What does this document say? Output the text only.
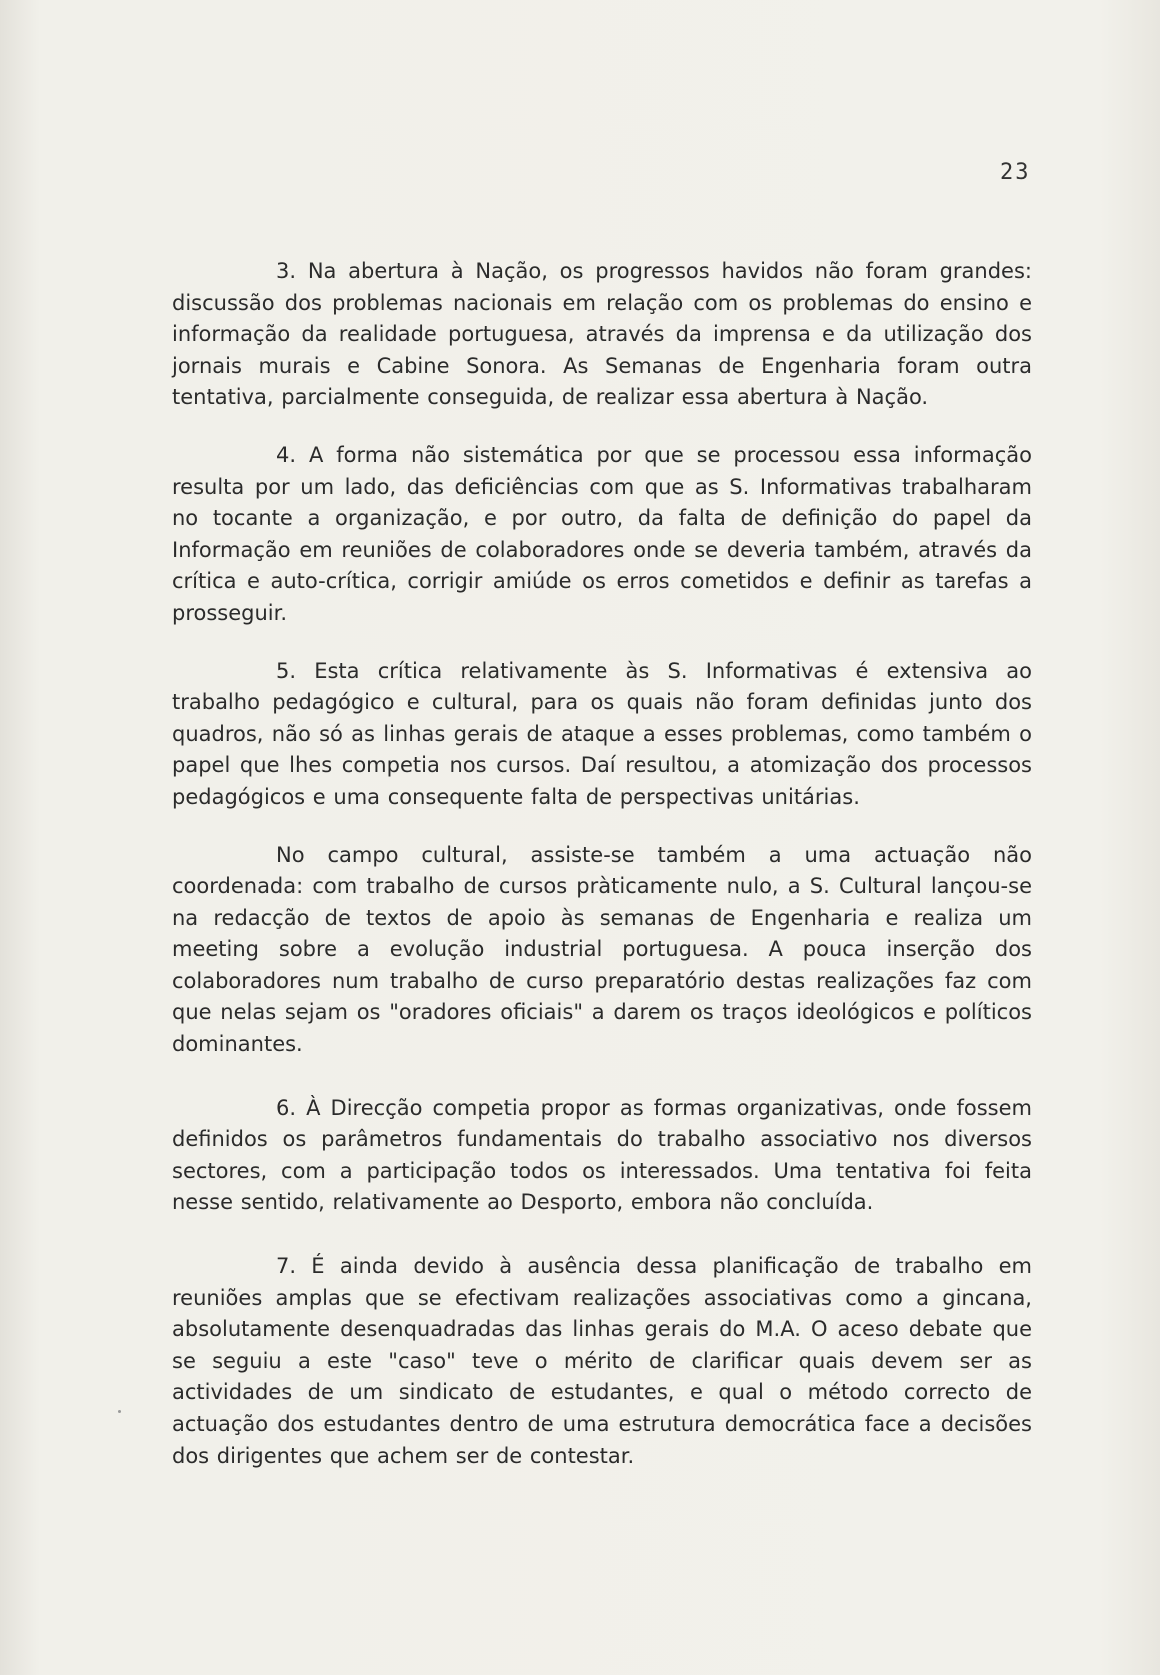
23

3. Na abertura à Nação, os progressos havidos não foram grandes: discussão dos problemas nacionais em relação com os problemas do ensino e informação da realidade portuguesa, através da imprensa e da utilização dos jornais murais e Cabine Sonora. As Semanas de Engenharia foram outra tentativa, parcialmente conseguida, de realizar essa abertura à Nação.

4. A forma não sistemática por que se processou essa informação resulta por um lado, das deficiências com que as S. Informativas trabalharam no tocante a organização, e por outro, da falta de definição do papel da Informação em reuniões de colaboradores onde se deveria também, através da crítica e auto-crítica, corrigir amiúde os erros cometidos e definir as tarefas a prosseguir.

5. Esta crítica relativamente às S. Informativas é extensiva ao trabalho pedagógico e cultural, para os quais não foram definidas junto dos quadros, não só as linhas gerais de ataque a esses problemas, como também o papel que lhes competia nos cursos. Daí resultou, a atomização dos processos pedagógicos e uma consequente falta de perspectivas unitárias.

No campo cultural, assiste-se também a uma actuação não coordenada: com trabalho de cursos pràticamente nulo, a S. Cultural lançou-se na redacção de textos de apoio às semanas de Engenharia e realiza um meeting sobre a evolução industrial portuguesa. A pouca inserção dos colaboradores num trabalho de curso preparatório destas realizações faz com que nelas sejam os "oradores oficiais" a darem os traços ideológicos e políticos dominantes.

6. À Direcção competia propor as formas organizativas, onde fossem definidos os parâmetros fundamentais do trabalho associativo nos diversos sectores, com a participação todos os interessados. Uma tentativa foi feita nesse sentido, relativamente ao Desporto, embora não concluída.

7. É ainda devido à ausência dessa planificação de trabalho em reuniões amplas que se efectivam realizações associativas como a gincana, absolutamente desenquadradas das linhas gerais do M.A. O aceso debate que se seguiu a este "caso" teve o mérito de clarificar quais devem ser as actividades de um sindicato de estudantes, e qual o método correcto de actuação dos estudantes dentro de uma estrutura democrática face a decisões dos dirigentes que achem ser de contestar.
